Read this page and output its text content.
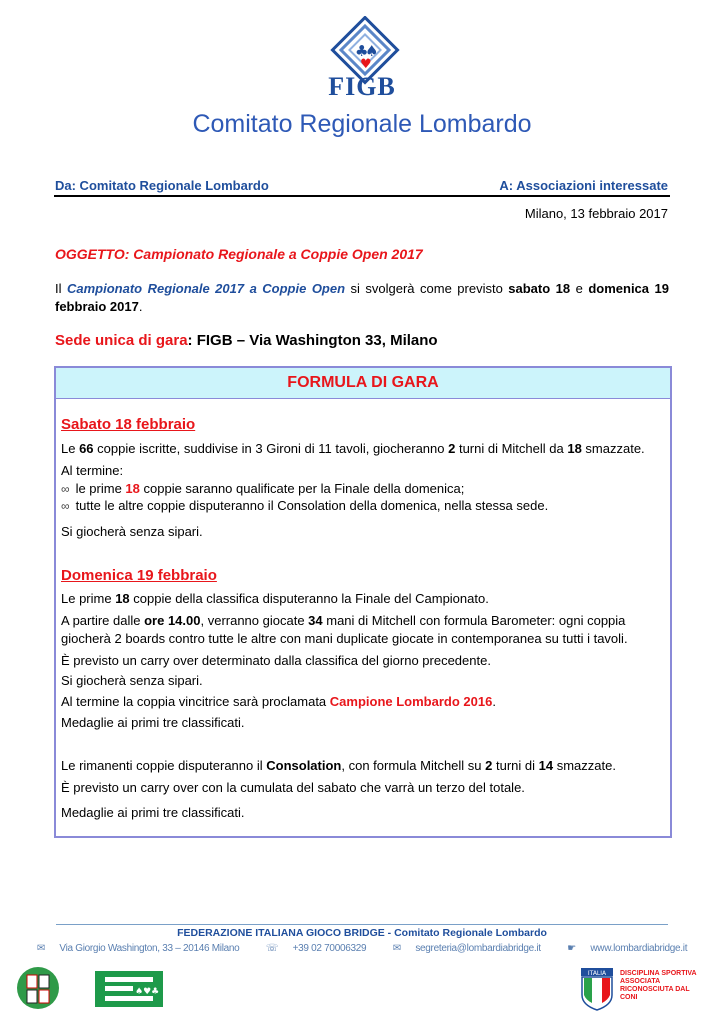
♣
♠
♥
FIGB
Comitato Regionale Lombardo
Da: Comitato Regionale Lombardo	A: Associazioni interessate
Milano, 13 febbraio 2017
OGGETTO: Campionato Regionale a Coppie Open 2017
Il Campionato Regionale 2017 a Coppie Open si svolgerà come previsto sabato 18 e domenica 19 febbraio 2017.
Sede unica di gara: FIGB – Via Washington 33, Milano
FORMULA DI GARA
Sabato 18 febbraio
Le 66 coppie iscritte, suddivise in 3 Gironi di 11 tavoli, giocheranno 2 turni di Mitchell da 18 smazzate.
Al termine:
∞ le prime 18 coppie saranno qualificate per la Finale della domenica;
∞ tutte le altre coppie disputeranno il Consolation della domenica, nella stessa sede.
Si giocherà senza sipari.
Domenica 19 febbraio
Le prime 18 coppie della classifica disputeranno la Finale del Campionato.
A partire dalle ore 14.00, verranno giocate 34 mani di Mitchell con formula Barometer: ogni coppia
giocherà 2 boards contro tutte le altre con mani duplicate giocate in contemporanea su tutti i tavoli.
È previsto un carry over determinato dalla classifica del giorno precedente.
Si giocherà senza sipari.
Al termine la coppia vincitrice sarà proclamata Campione Lombardo 2016.
Medaglie ai primi tre classificati.
Le rimanenti coppie disputeranno il Consolation, con formula Mitchell su 2 turni di 14 smazzate.
È previsto un carry over con la cumulata del sabato che varrà un terzo del totale.
Medaglie ai primi tre classificati.
FEDERAZIONE ITALIANA GIOCO BRIDGE - Comitato Regionale Lombardo
✉ Via Giorgio Washington, 33 – 20146 Milano	☏ +39 02 70006329	✉ segreteria@lombardiabridge.it	☛ www.lombardiabridge.it
♠♥♣
ITALIA DISCIPLINA SPORTIVA ASSOCIATA RICONOSCIUTA DAL CONI
